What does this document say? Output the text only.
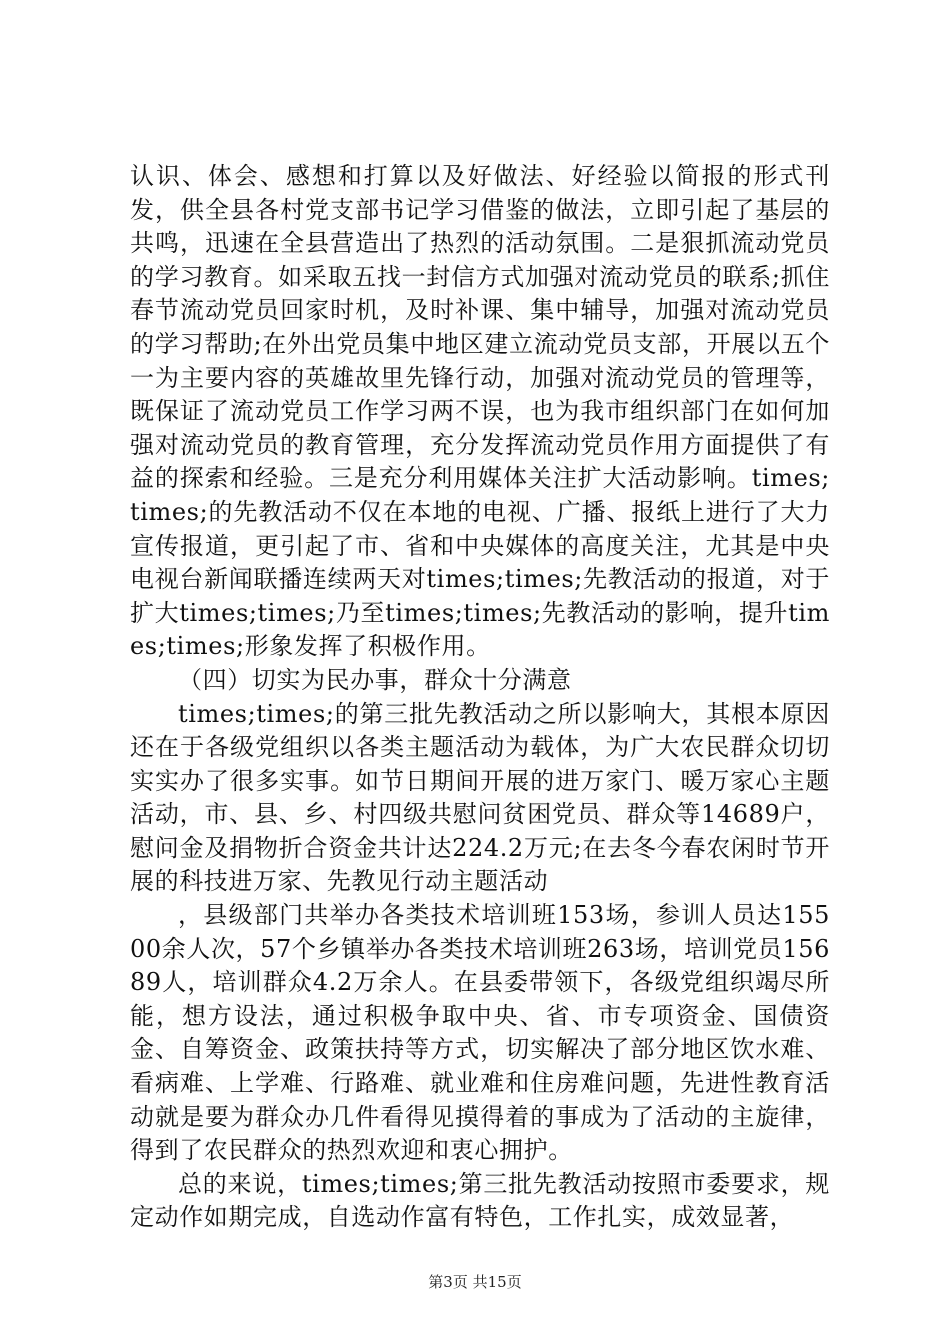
认识、体会、感想和打算以及好做法、好经验以简报的形式刊发，供全县各村党支部书记学习借鉴的做法，立即引起了基层的共鸣，迅速在全县营造出了热烈的活动氛围。二是狠抓流动党员的学习教育。如采取五找一封信方式加强对流动党员的联系;抓住春节流动党员回家时机，及时补课、集中辅导，加强对流动党员的学习帮助;在外出党员集中地区建立流动党员支部，开展以五个一为主要内容的英雄故里先锋行动，加强对流动党员的管理等，既保证了流动党员工作学习两不误，也为我市组织部门在如何加强对流动党员的教育管理，充分发挥流动党员作用方面提供了有益的探索和经验。三是充分利用媒体关注扩大活动影响。times;times;的先教活动不仅在本地的电视、广播、报纸上进行了大力宣传报道，更引起了市、省和中央媒体的高度关注，尤其是中央电视台新闻联播连续两天对times;times;先教活动的报道，对于扩大times;times;乃至times;times;先教活动的影响，提升times;times;形象发挥了积极作用。

（四）切实为民办事，群众十分满意

times;times;的第三批先教活动之所以影响大，其根本原因还在于各级党组织以各类主题活动为载体，为广大农民群众切切实实办了很多实事。如节日期间开展的进万家门、暖万家心主题活动，市、县、乡、村四级共慰问贫困党员、群众等14689户，慰问金及捐物折合资金共计达224.2万元;在去冬今春农闲时节开展的科技进万家、先教见行动主题活动

，县级部门共举办各类技术培训班153场，参训人员达15500余人次，57个乡镇举办各类技术培训班263场，培训党员15689人，培训群众4.2万余人。在县委带领下，各级党组织竭尽所能，想方设法，通过积极争取中央、省、市专项资金、国债资金、自筹资金、政策扶持等方式，切实解决了部分地区饮水难、看病难、上学难、行路难、就业难和住房难问题，先进性教育活动就是要为群众办几件看得见摸得着的事成为了活动的主旋律，得到了农民群众的热烈欢迎和衷心拥护。

总的来说，times;times;第三批先教活动按照市委要求，规定动作如期完成，自选动作富有特色，工作扎实，成效显著，

第3页 共15页
